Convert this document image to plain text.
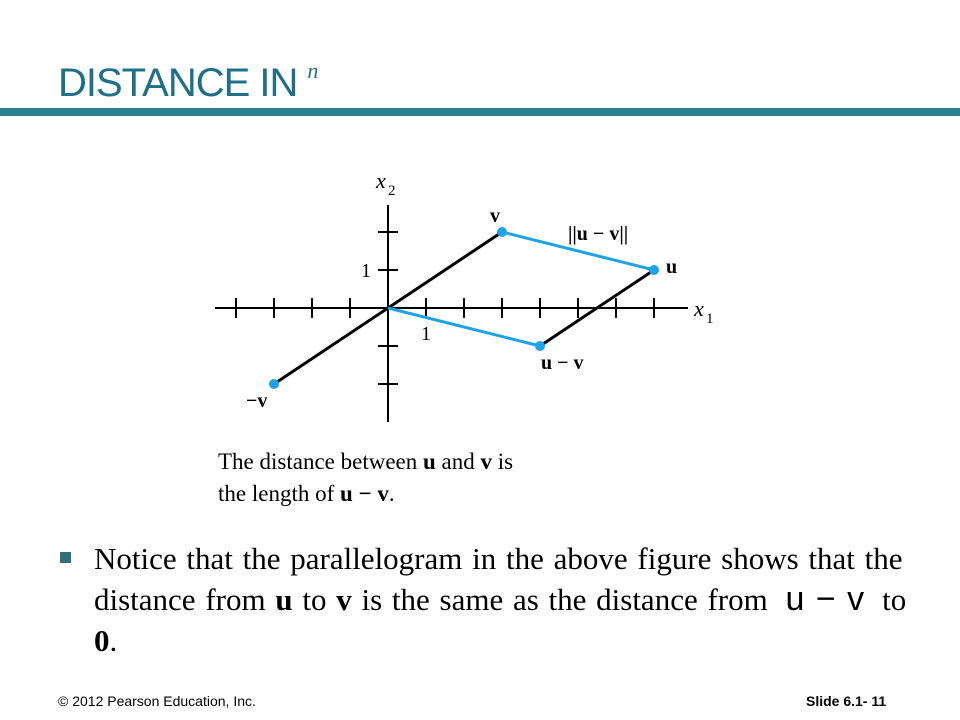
DISTANCE IN $^n$
x 2
x 1
1
1
v
u
u − v
−v
||u − v||
The distance between u and v is
the length of u − v.
Notice that the parallelogram in the above figure shows that the distance from u to v is the same as the distance from u − v to 0.
© 2012 Pearson Education, Inc.	Slide 6.1- 11
